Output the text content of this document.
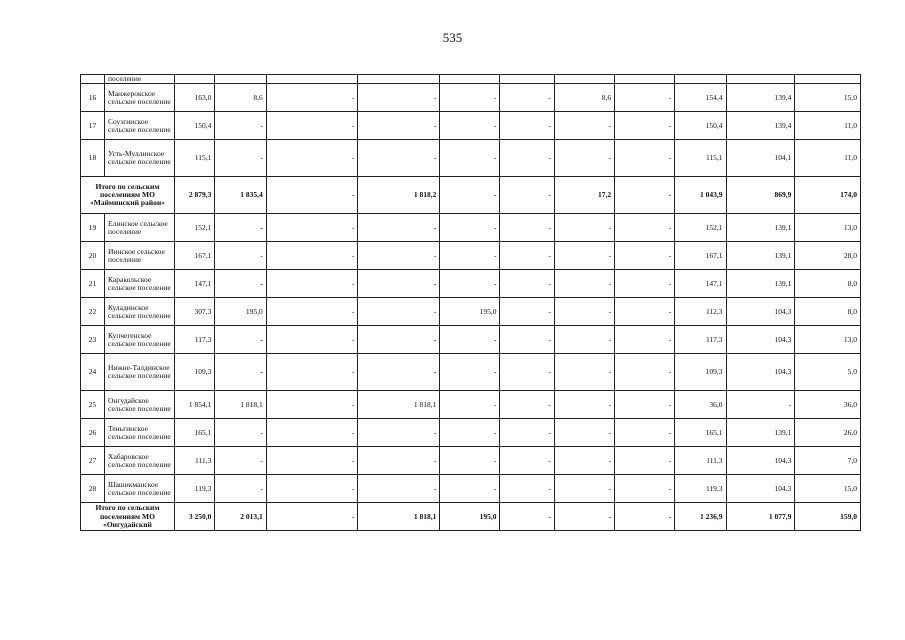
535
	поселение											
16	Манжерокское сельское поселение	163,0	8,6	-	-	-	-	8,6	-	154,4	139,4	15,0
17	Соузгинское сельское поселение	150,4	-	-	-	-	-	-	-	150,4	139,4	11,0
18	Усть-Муллинское сельское поселение	115,1	-	-	-	-	-	-	-	115,1	104,1	11,0
Итого по сельским поселениям МО «Майминский район»		2 879,3	1 835,4	-	1 818,2	-	-	17,2	-	1 043,9	869,9	174,0
19	Елинское сельское поселение	152,1	-	-	-	-	-	-	-	152,1	139,1	13,0
20	Иинское сельское поселение	167,1	-	-	-	-	-	-	-	167,1	139,1	28,0
21	Каракольское сельское поселение	147,1	-	-	-	-	-	-	-	147,1	139,1	8,0
22	Куладинское сельское поселение	307,3	195,0	-	-	195,0	-	-	-	112,3	104,3	8,0
23	Купчегенское сельское поселение	117,3	-	-	-	-	-	-	-	117,3	104,3	13,0
24	Нижне-Талдинское сельское поселение	109,3	-	-	-	-	-	-	-	109,3	104,3	5,0
25	Онгудайское сельское поселение	1 854,1	1 818,1	-	1 818,1	-	-	-	-	36,0	-	36,0
26	Теньгинское сельское поселение	165,1	-	-	-	-	-	-	-	165,1	139,1	26,0
27	Хабаровское сельское поселение	111,3	-	-	-	-	-	-	-	111,3	104,3	7,0
28	Шашикманское сельское поселение	119,3	-	-	-	-	-	-	-	119,3	104,3	15,0
Итого по сельским поселениям МО «Онгудайский		3 250,0	2 013,1	-	1 818,1	195,0	-	-	-	1 236,9	1 077,9	159,0
